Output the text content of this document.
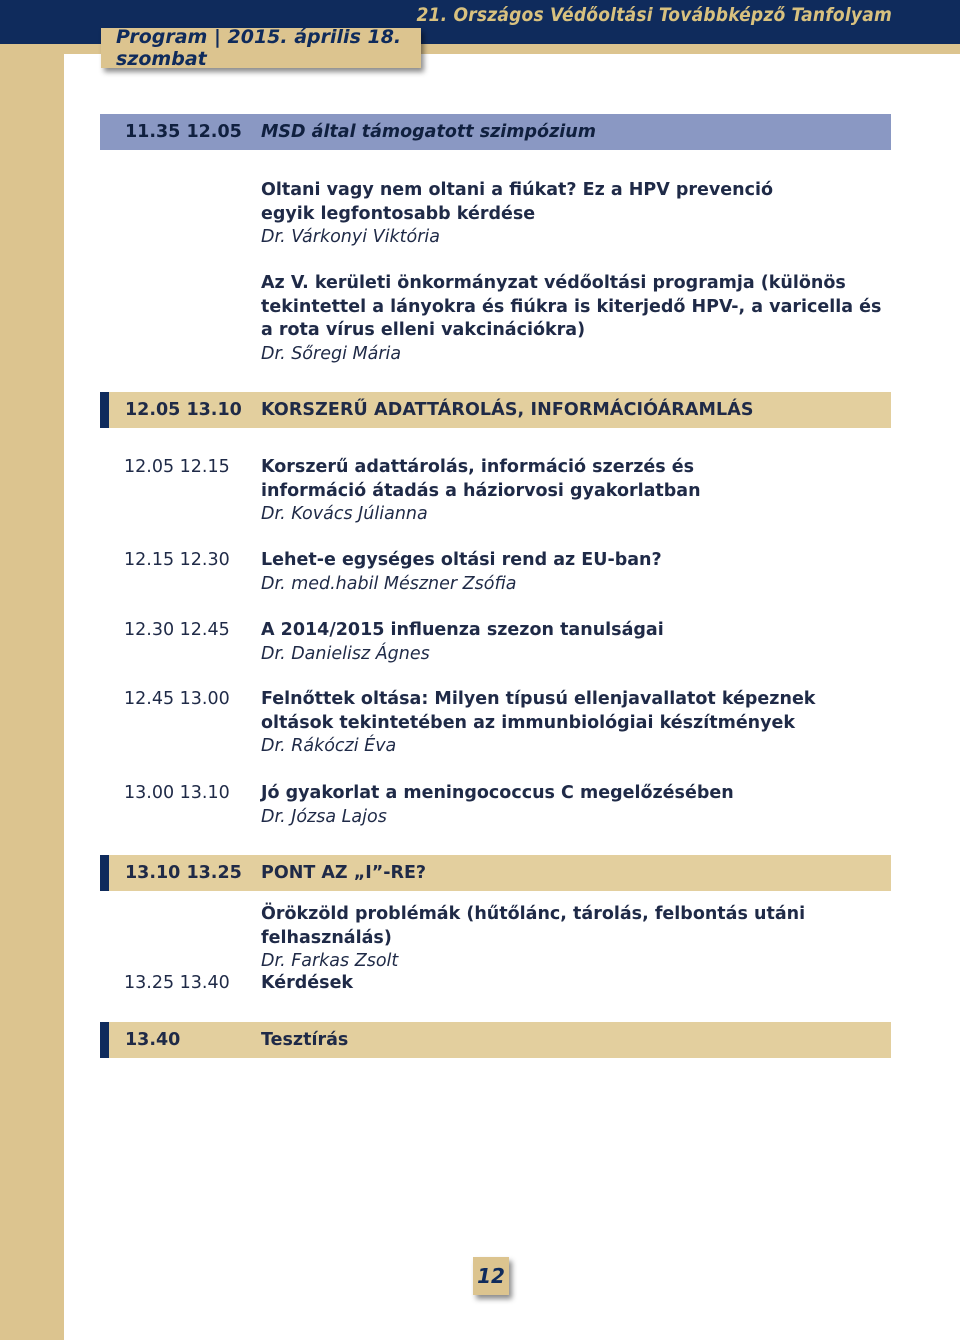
21. Országos Védőoltási Továbbképző Tanfolyam
Program | 2015. április 18. szombat
11.35 12.05 MSD által támogatott szimpózium
Oltani vagy nem oltani a fiúkat? Ez a HPV prevenció egyik legfontosabb kérdése
Dr. Várkonyi Viktória
Az V. kerületi önkormányzat védőoltási programja (különös tekintettel a lányokra és fiúkra is kiterjedő HPV-, a varicella és a rota vírus elleni vakcinációkra)
Dr. Sőregi Mária
12.05 13.10 KORSZERŰ ADATTÁROLÁS, INFORMÁCIÓÁRAMLÁS
12.05 12.15 Korszerű adattárolás, információ szerzés és információ átadás a háziorvosi gyakorlatban
Dr. Kovács Júlianna
12.15 12.30 Lehet-e egységes oltási rend az EU-ban?
Dr. med.habil Mészner Zsófia
12.30 12.45 A 2014/2015 influenza szezon tanulságai
Dr. Danielisz Ágnes
12.45 13.00 Felnőttek oltása: Milyen típusú ellenjavallatot képeznek oltások tekintetében az immunbiológiai készítmények
Dr. Rákóczi Éva
13.00 13.10 Jó gyakorlat a meningococcus C megelőzésében
Dr. Józsa Lajos
13.10 13.25 PONT AZ „I”-RE?
Örökzöld problémák (hűtőlánc, tárolás, felbontás utáni felhasználás)
Dr. Farkas Zsolt
13.25 13.40 Kérdések
13.40	Tesztírás
12
